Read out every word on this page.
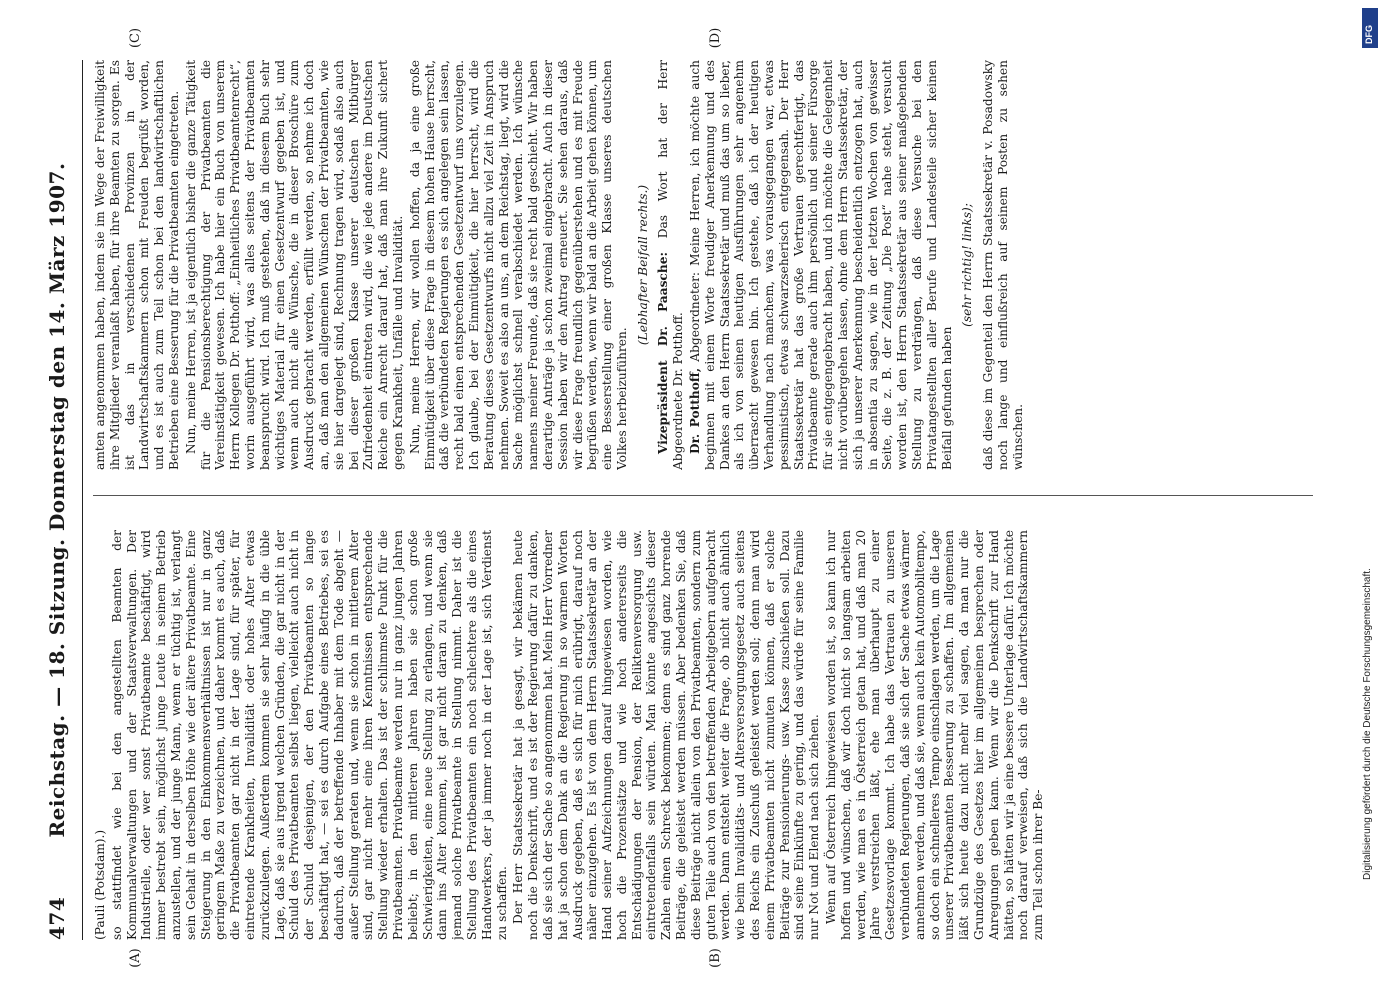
474
Reichstag. — 18. Sitzung. Donnerstag den 14. März 1907.

(Pauli (Potsdam).) so stattfindet wie bei den angestellten Beamten der Kommunalverwaltungen und der Staatsverwaltungen. Der Industrielle, oder wer sonst Privatbeamte beschäftigt, wird immer bestrebt sein, möglichst junge Leute in seinem Betrieb anzustellen, und der junge Mann, wenn er tüchtig ist, verlangt sein Gehalt in derselben Höhe wie der ältere Privatbeamte. Eine Steigerung in den Einkommensverhältnissen ist nur in ganz geringem Maße zu verzeichnen, und daher kommt es auch, daß die Privatbeamten gar nicht in der Lage sind, für später, für eintretende Krankheiten, Invalidität oder hohes Alter etwas zurückzulegen. Außerdem kommen sie sehr häufig in die üble Lage, daß sie aus irgend welchen Gründen, die gar nicht in der Schuld des Privatbeamten selbst liegen, vielleicht auch nicht in der Schuld desjenigen, der den Privatbeamten so lange beschäftigt hat, — sei es durch Aufgabe eines Betriebes, sei es dadurch, daß der betreffende Inhaber mit dem Tode abgeht — außer Stellung geraten und, wenn sie schon in mittlerem Alter sind, gar nicht mehr eine ihren Kenntnissen entsprechende Stellung wieder erhalten. Das ist der schlimmste Punkt für die Privatbeamten. Privatbeamte werden nur in ganz jungen Jahren beliebt; in den mittleren Jahren haben sie schon große Schwierigkeiten, eine neue Stellung zu erlangen, und wenn sie dann ins Alter kommen, ist gar nicht daran zu denken, daß jemand solche Privatbeamte in Stellung nimmt. Daher ist die Stellung des Privatbeamten ein noch schlechtere als die eines Handwerkers, der ja immer noch in der Lage ist, sich Verdienst zu schaffen. Der Herr Staatssekretär hat ja gesagt, wir bekämen heute noch die Denkschrift, und es ist der Regierung dafür zu danken, daß sie sich der Sache so angenommen hat. Mein Herr Vorredner hat ja schon dem Dank an die Regierung in so warmen Worten Ausdruck gegeben, daß es sich für mich erübrigt, darauf noch näher einzugehen. Es ist von dem Herrn Staatssekretär an der Hand seiner Aufzeichnungen darauf hingewiesen worden, wie hoch die Prozentsätze und wie hoch andererseits die Entschädigungen der Pension, der Reliktenversorgung usw. eintretendenfalls sein würden. Man könnte angesichts dieser Zahlen einen Schreck bekommen; denn es sind ganz horrende Beiträge, die geleistet werden müssen. Aber bedenken Sie, daß diese Beiträge nicht allein von den Privatbeamten, sondern zum guten Teile auch von den betreffenden Arbeitgebern aufgebracht werden. Dann entsteht weiter die Frage, ob nicht auch ähnlich wie beim Invaliditäts- und Altersversorgungsgesetz auch seitens des Reichs ein Zuschuß geleistet werden soll; denn man wird einem Privatbeamten nicht zumuten können, daß er solche Beiträge zur Pensionierungs- usw. Kasse zuschießen soll. Dazu sind seine Einkünfte zu gering, und das würde für seine Familie nur Not und Elend nach sich ziehen. Wenn auf Österreich hingewiesen worden ist, so kann ich nur hoffen und wünschen, daß wir doch nicht so langsam arbeiten werden, wie man es in Österreich getan hat, und daß man 20 Jahre verstreichen läßt, ehe man überhaupt zu einer Gesetzesvorlage kommt. Ich habe das Vertrauen zu unseren verbündeten Regierungen, daß sie sich der Sache etwas wärmer annehmen werden, und daß sie, wenn auch kein Automobiltempo, so doch ein schnelleres Tempo einschlagen werden, um die Lage unserer Privatbeamten Besserung zu schaffen. Im allgemeinen läßt sich heute dazu nicht mehr viel sagen, da man nur die Grundzüge des Gesetzes hier im allgemeinen besprechen oder Anregungen geben kann. Wenn wir die Denkschrift zur Hand hätten, so hätten wir ja eine bessere Unterlage dafür. Ich möchte noch darauf verweisen, daß sich die Landwirtschaftskammern zum Teil schon ihrer Be-

amten angenommen haben, indem sie im Wege der Freiwilligkeit ihre Mitglieder veranlaßt haben, für ihre Beamten zu sorgen. Es ist das in verschiedenen Provinzen in der Landwirtschaftskammern schon mit Freuden begrüßt worden, und es ist auch zum Teil schon bei den landwirtschaftlichen Betrieben eine Besserung für die Privatbeamten eingetreten. Nun, meine Herren, ist ja eigentlich bisher die ganze Tätigkeit für die Pensionsberechtigung der Privatbeamten die Vereinstätigkeit gewesen. Ich habe hier ein Buch von unserem Herrn Kollegen Dr. Potthoff: „Einheitliches Privatbeamtenrecht“, worin ausgeführt wird, was alles seitens der Privatbeamten beansprucht wird. Ich muß gestehen, daß in diesem Buch sehr wichtiges Material für einen Gesetzentwurf gegeben ist, und wenn auch nicht alle Wünsche, die in dieser Broschüre zum Ausdruck gebracht werden, erfüllt werden, so nehme ich doch an, daß man den allgemeinen Wünschen der Privatbeamten, wie sie hier dargelegt sind, Rechnung tragen wird, sodaß also auch bei dieser großen Klasse unserer deutschen Mitbürger Zufriedenheit eintreten wird, die wie jede andere im Deutschen Reiche ein Anrecht darauf hat, daß man ihre Zukunft sichert gegen Krankheit, Unfälle und Invalidität. Nun, meine Herren, wir wollen hoffen, da ja eine große Einmütigkeit über diese Frage in diesem hohen Hause herrscht, daß die verbündeten Regierungen es sich angelegen sein lassen, recht bald einen entsprechenden Gesetzentwurf uns vorzulegen. Ich glaube, bei der Einmütigkeit, die hier herrscht, wird die Beratung dieses Gesetzentwurfs nicht allzu viel Zeit in Anspruch nehmen. Soweit es also an uns, an dem Reichstag, liegt, wird die Sache möglichst schnell verabschiedet werden. Ich wünsche namens meiner Freunde, daß sie recht bald geschieht. Wir haben derartige Anträge ja schon zweimal eingebracht. Auch in dieser Session haben wir den Antrag erneuert. Sie sehen daraus, daß wir diese Frage freundlich gegenüberstehen und es mit Freude begrüßen werden, wenn wir bald an die Arbeit gehen können, um eine Besserstellung einer großen Klasse unseres deutschen Volkes herbeizuführen.

(Lebhafter Beifall rechts.) Vizepräsident Dr. Paasche: Das Wort hat der Herr Abgeordnete Dr. Potthoff. Dr. Potthoff, Abgeordneter: Meine Herren, ich möchte auch beginnen mit einem Worte freudiger Anerkennung und des Dankes an den Herrn Staatssekretär und muß das um so lieber, als ich von seinen heutigen Ausführungen sehr angenehm überrascht gewesen bin. Ich gestehe, daß ich der heutigen Verhandlung nach manchem, was vorausgegangen war, etwas pessimistisch, etwas schwarzseherisch entgegensah. Der Herr Staatssekretär hat das große Vertrauen gerechtfertigt, das Privatbeamte gerade auch ihm persönlich und seiner Fürsorge für sie entgegengebracht haben, und ich möchte die Gelegenheit nicht vorübergehen lassen, ohne dem Herrn Staatssekretär, der sich ja unserer Anerkennung bescheidentlich entzogen hat, auch in absentia zu sagen, wie in der letzten Wochen von gewisser Seite, die z. B. der Zeitung „Die Post“ nahe steht, versucht worden ist, den Herrn Staatssekretär aus seiner maßgebenden Stellung zu verdrängen, daß diese Versuche bei den Privatangestellten aller Berufe und Landesteile sicher keinen Beifall gefunden haben

(sehr richtig! links); daß diese im Gegenteil den Herrn Staatssekretär v. Posadowsky noch lange und einflußreich auf seinem Posten zu sehen wünschen.

(A)	(B)
(C)	(D)
Digitalisierung gefördert durch die Deutsche Forschungsgemeinschaft.
DFG
